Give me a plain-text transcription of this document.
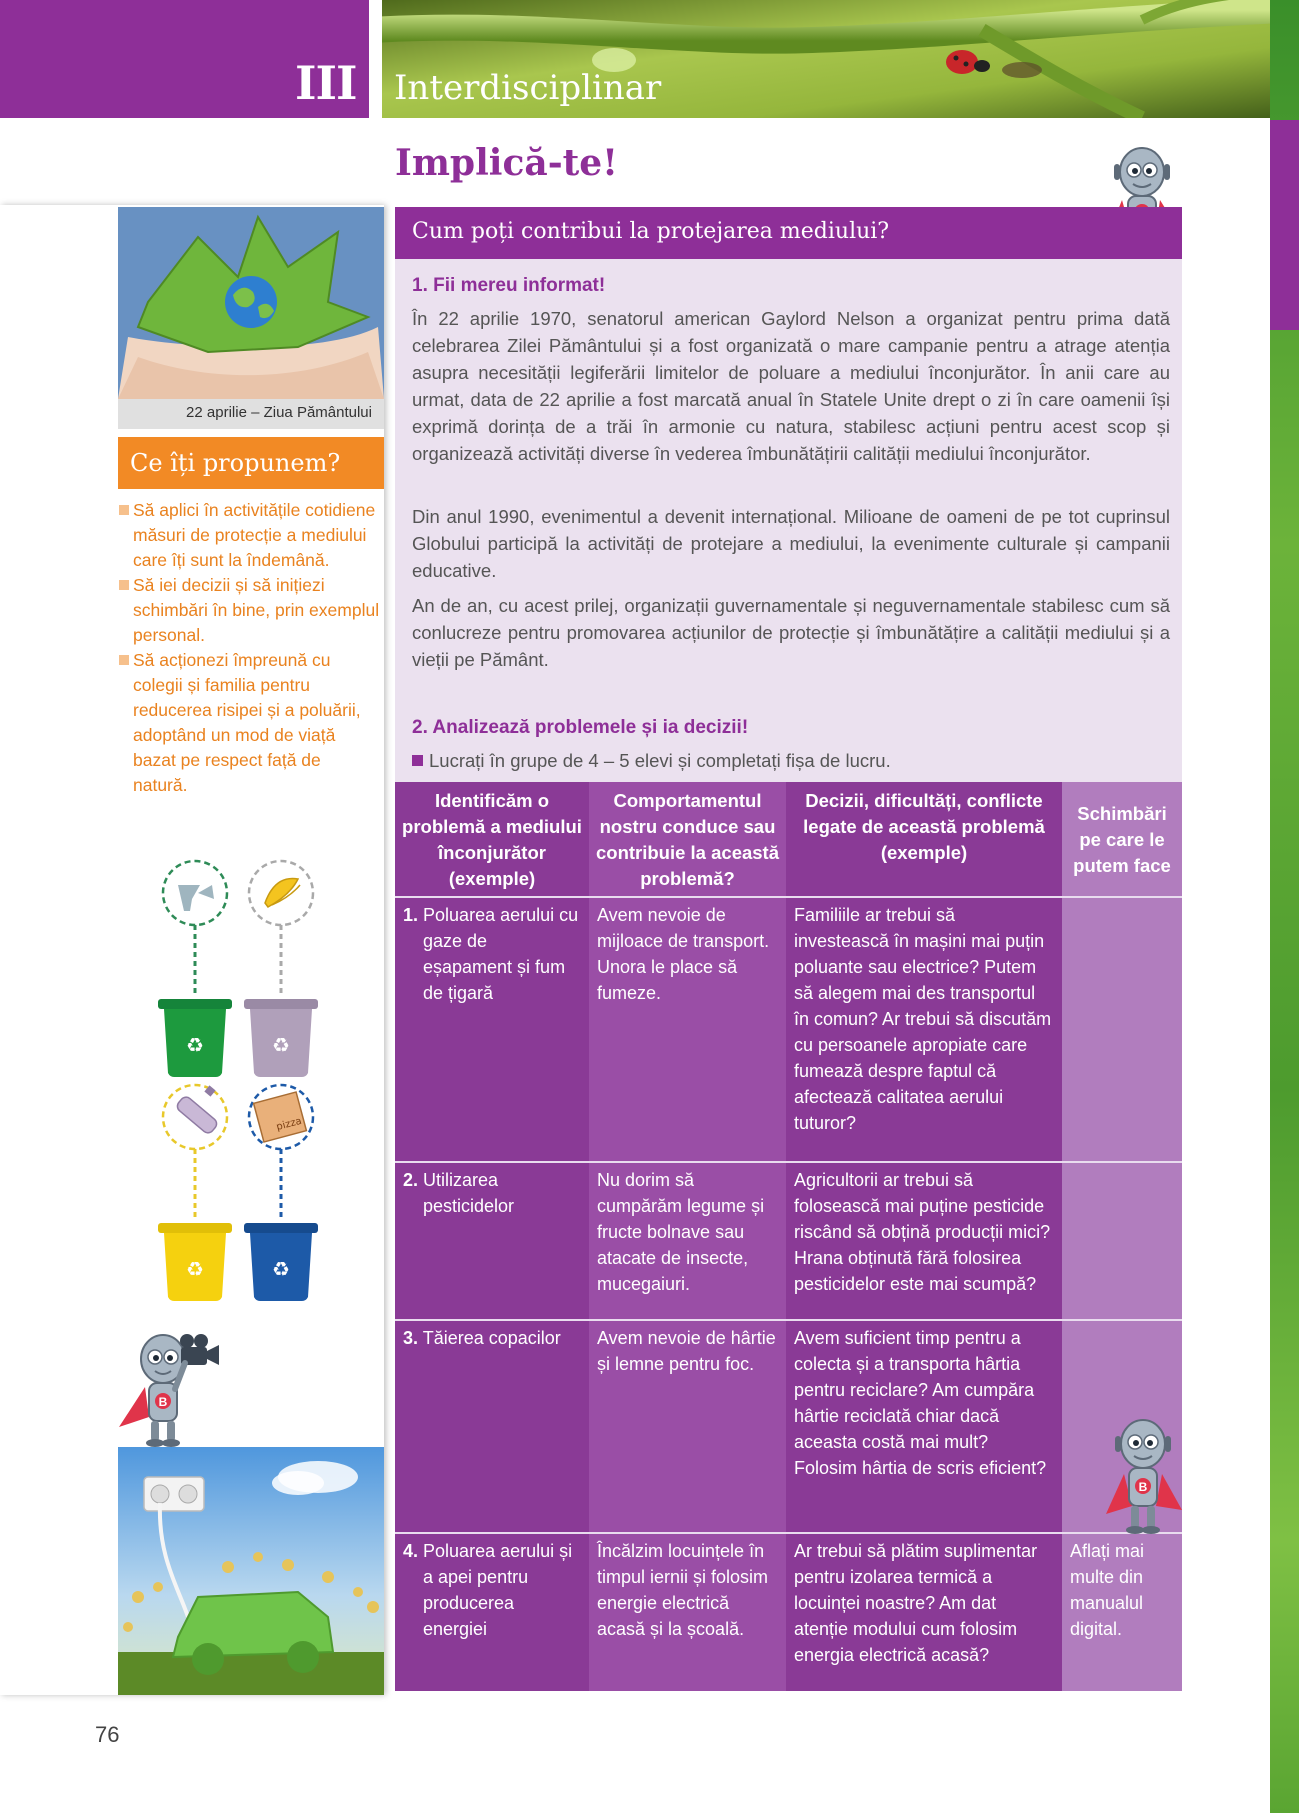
III Interdisciplinar
Implică-te!
22 aprilie – Ziua Pământului
Ce îți propunem?
Să aplici în activitățile cotidiene măsuri de protecție a mediului care îți sunt la îndemână.
Să iei decizii și să inițiezi schimbări în bine, prin exemplul personal.
Să acționezi împreună cu colegii și familia pentru reducerea risipei și a poluării, adoptând un mod de viață bazat pe respect față de natură.
♻	♻
pizza
♻	♻
B
76
Cum poți contribui la protejarea mediului?
1. Fii mereu informat!

În 22 aprilie 1970, senatorul american Gaylord Nelson a organizat pentru prima dată celebrarea Zilei Pământului și a fost organizată o mare campanie pentru a atrage atenția asupra necesității legiferării limitelor de poluare a mediului înconjurător. În anii care au urmat, data de 22 aprilie a fost marcată anual în Statele Unite drept o zi în care oamenii își exprimă dorința de a trăi în armonie cu natura, stabilesc acțiuni pentru acest scop și organizează activități diverse în vederea îmbunătățirii calității mediului înconjurător.

Din anul 1990, evenimentul a devenit internațional. Milioane de oameni de pe tot cuprinsul Globului participă la activități de protejare a mediului, la evenimente culturale și campanii educative.

An de an, cu acest prilej, organizații guvernamentale și neguvernamentale stabilesc cum să conlucreze pentru promovarea acțiunilor de protecție și îmbunătățire a calității mediului și a vieții pe Pământ.

2. Analizează problemele și ia decizii!
Lucrați în grupe de 4 – 5 elevi și completați fișa de lucru.
Identificăm o problemă a mediului înconjurător (exemple)	Comportamentul nostru conduce sau contribuie la această problemă?	Decizii, dificultăți, conflicte legate de această problemă (exemple)	Schimbări pe care le putem face

1. Poluarea aerului cu gaze de eșapament și fum de țigară	Avem nevoie de mijloace de transport. Unora le place să fumeze.	Familiile ar trebui să investească în mașini mai puțin poluante sau electrice? Putem să alegem mai des transportul în comun? Ar trebui să discutăm cu persoanele apropiate care fumează despre faptul că afectează calitatea aerului tuturor?	

2. Utilizarea pesticidelor	Nu dorim să cumpărăm legume și fructe bolnave sau atacate de insecte, mucegaiuri.	Agricultorii ar trebui să folosească mai puține pesticide riscând să obțină producții mici? Hrana obținută fără folosirea pesticidelor este mai scumpă?	

3. Tăierea copacilor	Avem nevoie de hârtie și lemne pentru foc.	Avem suficient timp pentru a colecta și a transporta hârtia pentru reciclare? Am cumpăra hârtie reciclată chiar dacă aceasta costă mai mult? Folosim hârtia de scris eficient?	

4. Poluarea aerului și a apei pentru producerea energiei	Încălzim locuințele în timpul iernii și folosim energie electrică acasă și la școală.	Ar trebui să plătim suplimentar pentru izolarea termică a locuinței noastre? Am dat atenție modului cum folosim energia electrică acasă?	Aflați mai multe din manualul digital.
B
